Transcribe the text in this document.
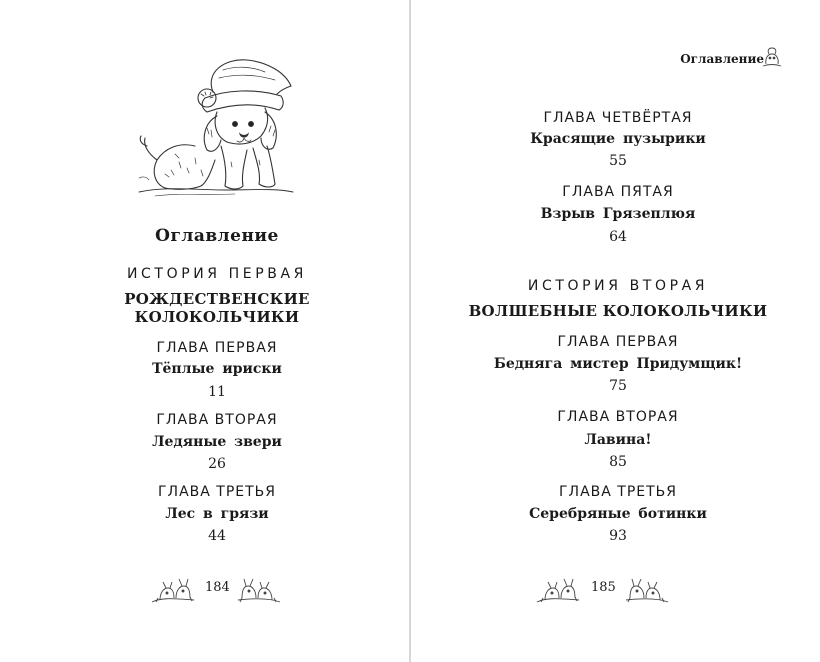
Оглавление
ИСТОРИЯ ПЕРВАЯ
РОЖДЕСТВЕНСКИЕ
КОЛОКОЛЬЧИКИ
ГЛАВА ПЕРВАЯ
Тёплые ириски
11
ГЛАВА ВТОРАЯ
Ледяные звери
26
ГЛАВА ТРЕТЬЯ
Лес в грязи
44
184
Оглавление
ГЛАВА ЧЕТВЁРТАЯ
Красящие пузырики
55
ГЛАВА ПЯТАЯ
Взрыв Грязеплюя
64
ИСТОРИЯ ВТОРАЯ
ВОЛШЕБНЫЕ КОЛОКОЛЬЧИКИ
ГЛАВА ПЕРВАЯ
Бедняга мистер Придумщик!
75
ГЛАВА ВТОРАЯ
Лавина!
85
ГЛАВА ТРЕТЬЯ
Серебряные ботинки
93
185
